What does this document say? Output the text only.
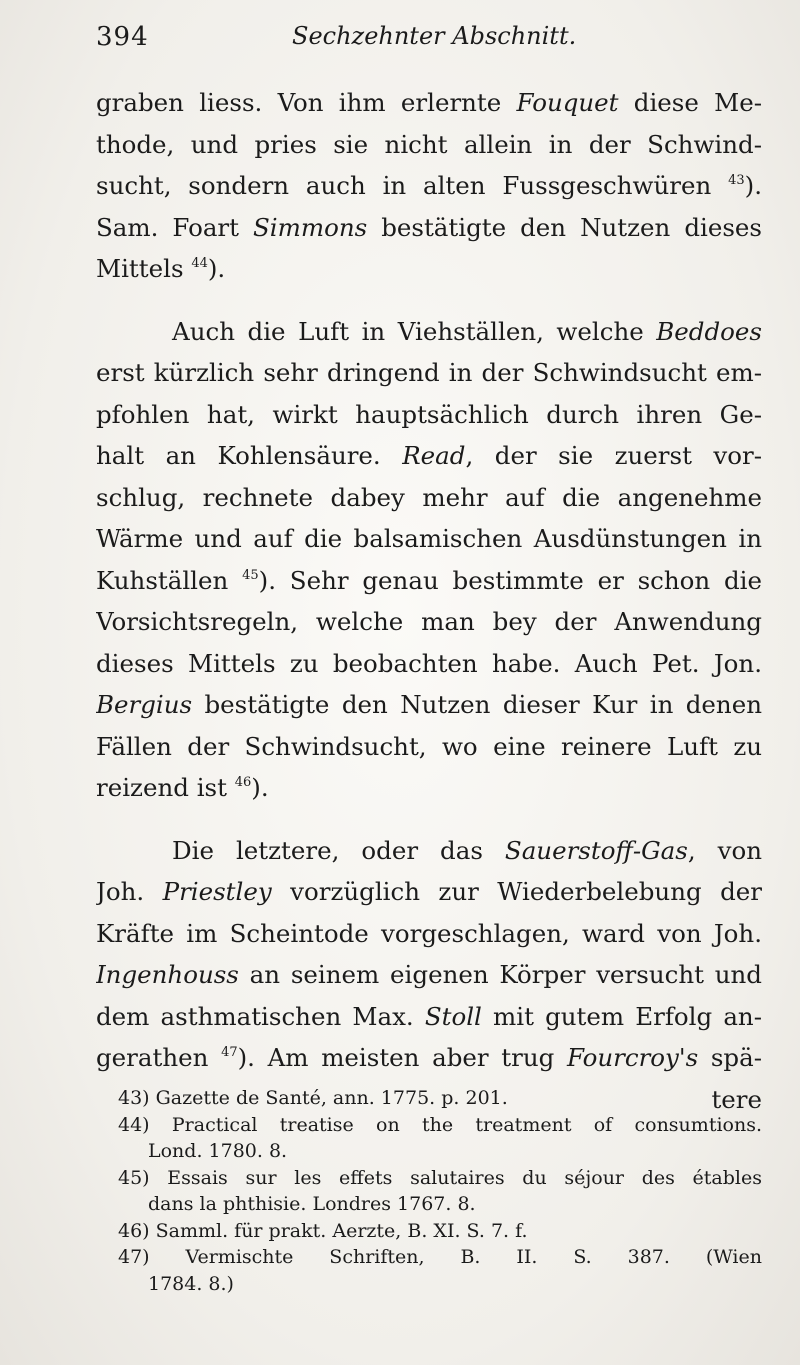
394	Sechzehnter Abschnitt.
graben liess. Von ihm erlernte Fouquet diese Me-
thode, und pries sie nicht allein in der Schwind-
sucht, sondern auch in alten Fussgeschwüren $^{43}$).
Sam. Foart Simmons bestätigte den Nutzen dieses
Mittels $^{44}$).
Auch die Luft in Viehställen, welche Beddoes
erst kürzlich sehr dringend in der Schwindsucht em-
pfohlen hat, wirkt hauptsächlich durch ihren Ge-
halt an Kohlensäure. Read, der sie zuerst vor-
schlug, rechnete dabey mehr auf die angenehme
Wärme und auf die balsamischen Ausdünstungen in
Kuhställen $^{45}$). Sehr genau bestimmte er schon die
Vorsichtsregeln, welche man bey der Anwendung
dieses Mittels zu beobachten habe. Auch Pet. Jon.
Bergius bestätigte den Nutzen dieser Kur in denen
Fällen der Schwindsucht, wo eine reinere Luft zu
reizend ist $^{46}$).
Die letztere, oder das Sauerstoff-Gas, von
Joh. Priestley vorzüglich zur Wiederbelebung der
Kräfte im Scheintode vorgeschlagen, ward von Joh.
Ingenhouss an seinem eigenen Körper versucht und
dem asthmatischen Max. Stoll mit gutem Erfolg an-
gerathen $^{47}$). Am meisten aber trug Fourcroy's spä-
tere
43) Gazette de Santé, ann. 1775. p. 201.
44) Practical treatise on the treatment of consumtions.
Lond. 1780. 8.
45) Essais sur les effets salutaires du séjour des étables
dans la phthisie. Londres 1767. 8.
46) Samml. für prakt. Aerzte, B. XI. S. 7. f.
47) Vermischte Schriften, B. II. S. 387. (Wien
1784. 8.)
